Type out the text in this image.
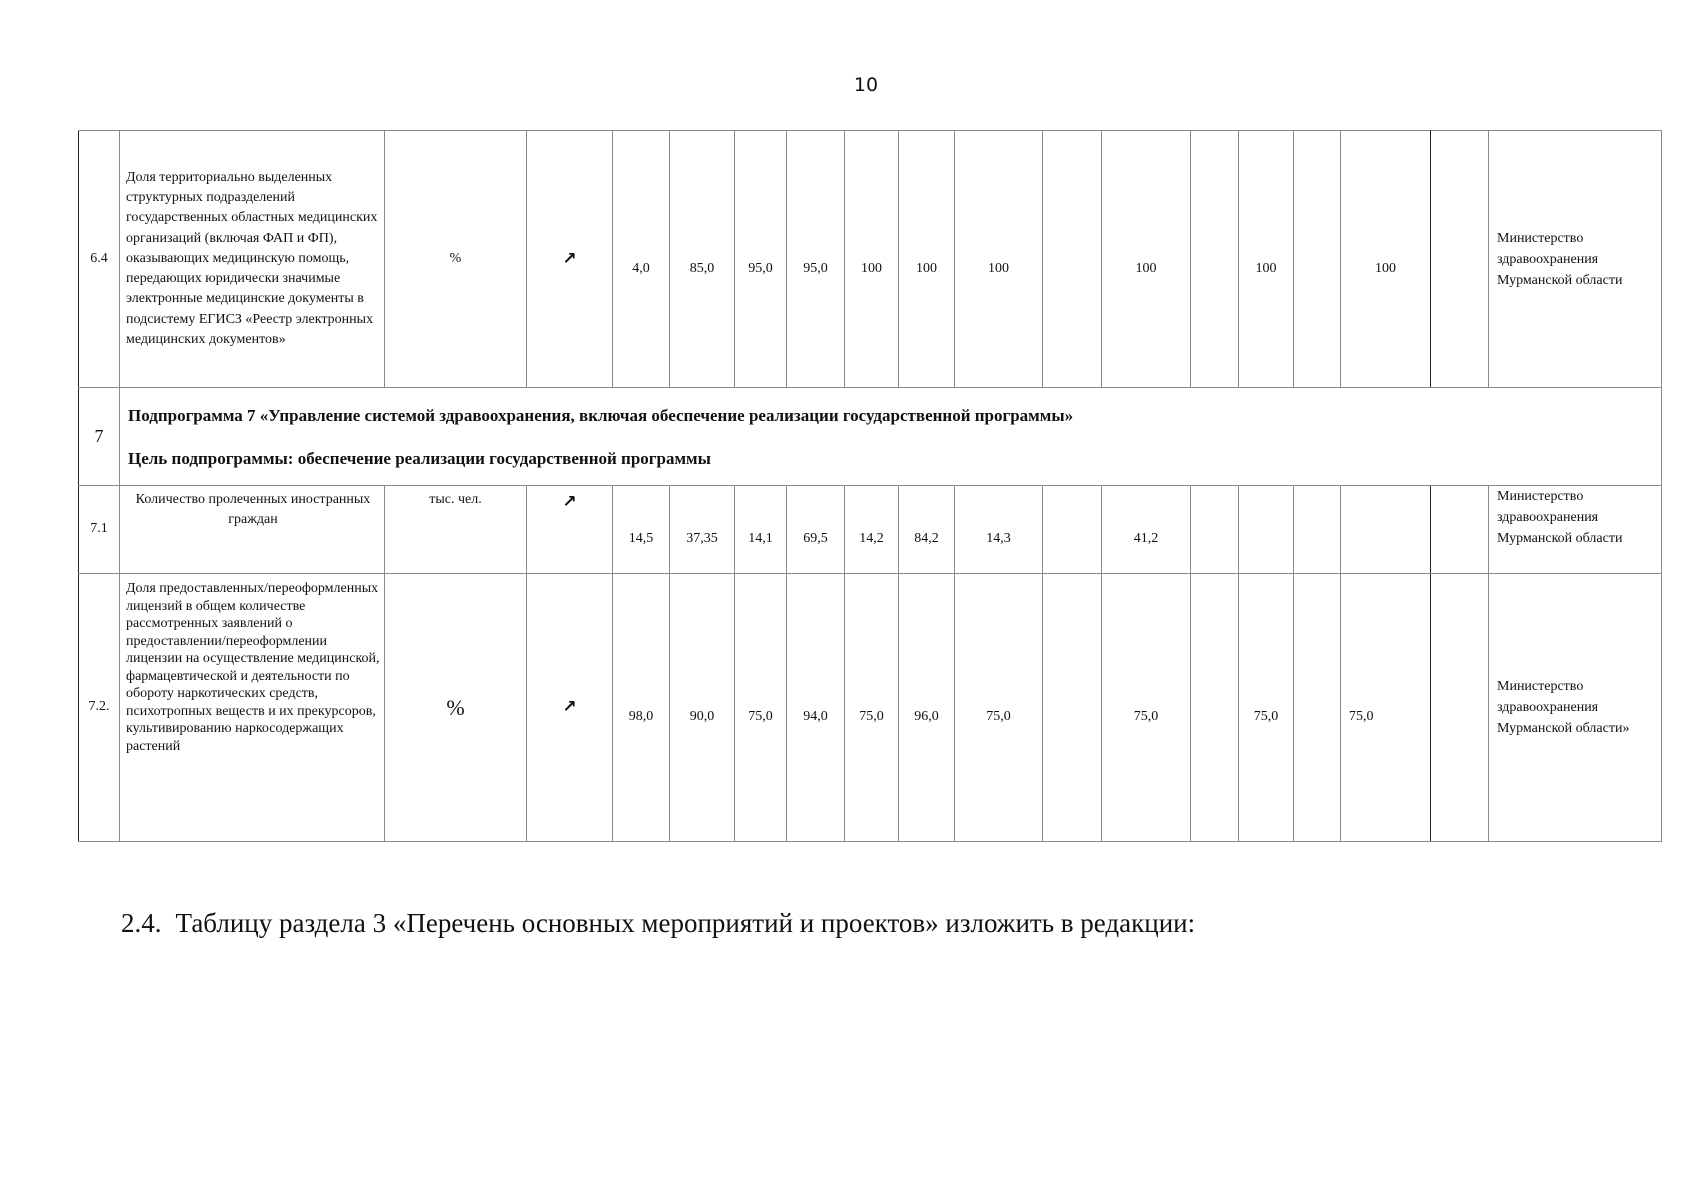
10
6.4	Доля территориально выделенных структурных подразделений государственных областных медицинских организаций (включая ФАП и ФП), оказывающих медицинскую помощь, передающих юридически значимые электронные медицинские документы в подсистему ЕГИСЗ «Реестр электронных медицинских документов»	%	↗	4,0	85,0	95,0	95,0	100	100	100		100		100		100		Министерство здравоохранения Мурманской области
7	Подпрограмма 7 «Управление системой здравоохранения, включая обеспечение реализации государственной программы»
Цель подпрограммы: обеспечение реализации государственной программы																	

7.1	Количество пролеченных иностранных граждан	тыс. чел.	↗	14,5	37,35	14,1	69,5	14,2	84,2	14,3		41,2						Министерство здравоохранения Мурманской области
7.2.	Доля предоставленных/переоформленных лицензий в общем количестве рассмотренных заявлений о предоставлении/переоформлении лицензии на осуществление медицинской, фармацевтической и деятельности по обороту наркотических средств, психотропных веществ и их прекурсоров, культивированию наркосодержащих растений	%	↗	98,0	90,0	75,0	94,0	75,0	96,0	75,0		75,0		75,0		75,0		Министерство здравоохранения Мурманской области»
2.4. Таблицу раздела 3 «Перечень основных мероприятий и проектов» изложить в редакции:
